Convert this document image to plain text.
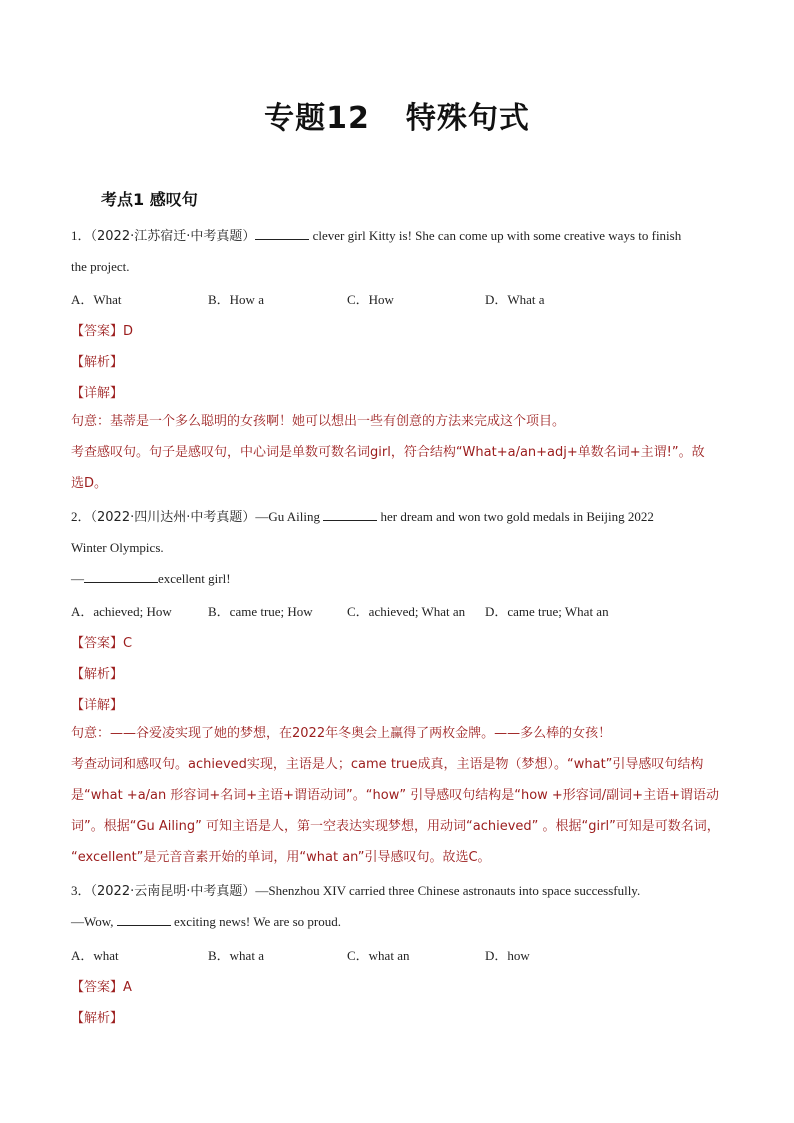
专题12 特殊句式
考点1 感叹句
1．（2022·江苏宿迁·中考真题）	clever girl Kitty is! She can come up with some creative ways to finish
the project.
A．What	B．How a	C．How	D．What a
【答案】D
【解析】
【详解】
句意：基蒂是一个多么聪明的女孩啊！她可以想出一些有创意的方法来完成这个项目。
考查感叹句。句子是感叹句，中心词是单数可数名词girl，符合结构“What+a/an+adj+单数名词+主谓!”。故
选D。
2．（2022·四川达州·中考真题）—Gu Ailing	her dream and won two gold medals in Beijing 2022
Winter Olympics.
—	excellent girl!
A．achieved; How	B．came true; How	C．achieved; What an D．came true; What an
【答案】C
【解析】
【详解】
句意：——谷爱凌实现了她的梦想，在2022年冬奥会上赢得了两枚金牌。——多么棒的女孩！
考查动词和感叹句。achieved实现，主语是人；came true成真，主语是物（梦想）。“what”引导感叹句结构
是“what +a/an 形容词+名词+主语+谓语动词”。“how” 引导感叹句结构是“how +形容词/副词+主语+谓语动
词”。根据“Gu Ailing” 可知主语是人，第一空表达实现梦想，用动词“achieved” 。根据“girl”可知是可数名词，
“excellent”是元音音素开始的单词，用“what an”引导感叹句。故选C。
3．（2022·云南昆明·中考真题）—Shenzhou XIV carried three Chinese astronauts into space successfully.
—Wow,	exciting news! We are so proud.
A．what	B．what a	C．what an	D．how
【答案】A
【解析】
